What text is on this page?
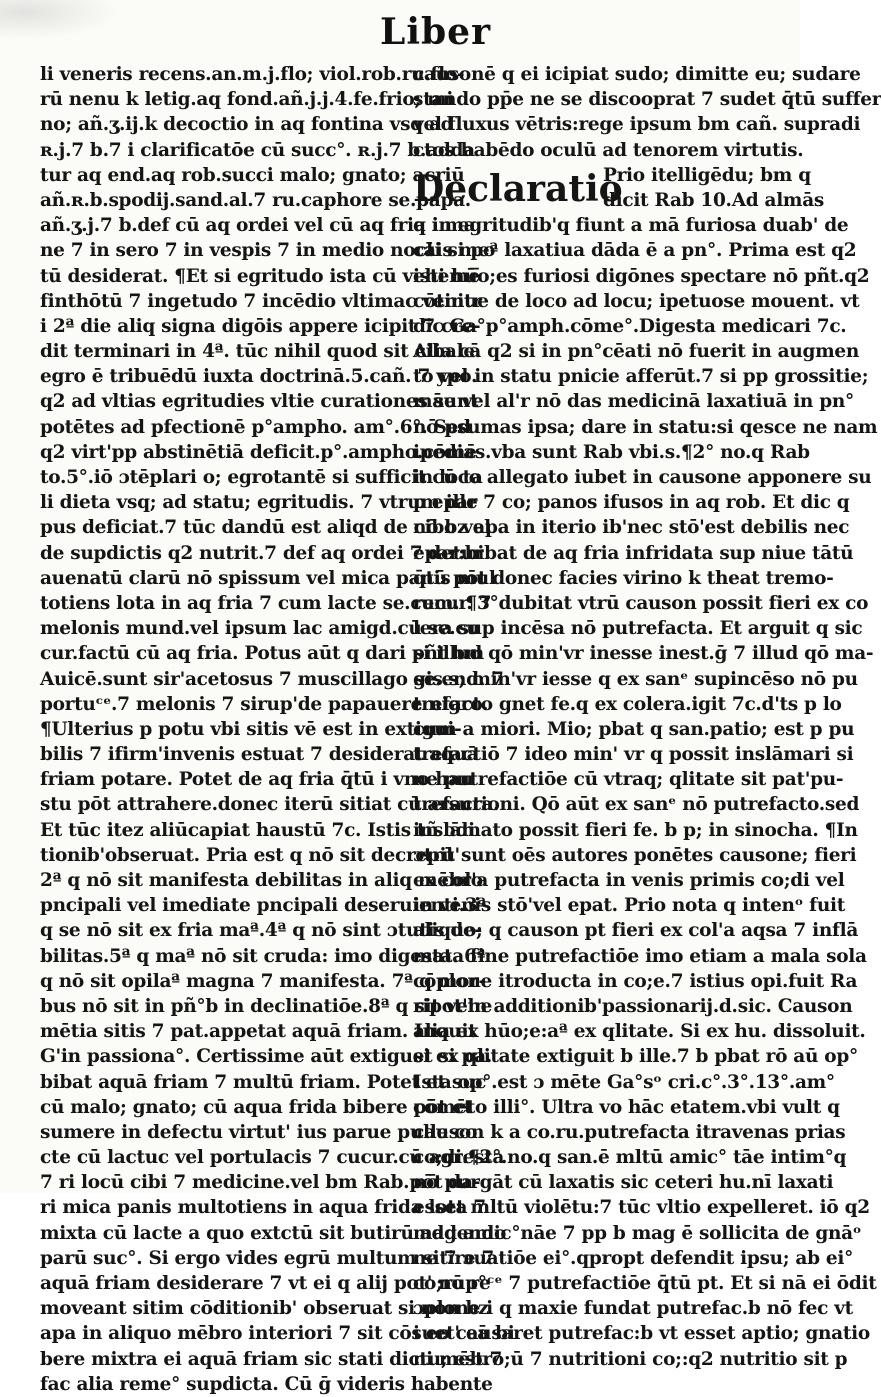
Liber
li veneris recens.an.m.j.flo; viol.rob.ru.flo-
rū nenu k letig.aq fond.añ.j.j.4.fe.frio; mi
no; añ.ʒ.ij.k decoctio in aq fontina vsq ad
ʀ.j.7 b.7 i clarificatōe cū succ°. ʀ.j.7 b.adda
tur aq end.aq rob.succi malo; gnato; acriū
añ.ʀ.b.spodij.sand.al.7 ru.caphore se.papa.
añ.ʒ.j.7 b.def cū aq ordei vel cū aq fria i ma
ne 7 in sero 7 in vespis 7 in medio nocti si po
tū desiderat. ¶Et si egritudo ista cū veheme̅
finthōtū 7 ingetudo 7 incēdio vltimac venitr
i 2ª die aliq signa digōis appere icipit 7 cre-
dit terminari in 4ª. tūc nihil quod sit cibale.
egro ē tribuēdū iuxta doctrinā.5.cañ. 7 ypo.
q2 ad vltias egritudies vltie curationes sunt
potētes ad pfectionē p°ampho. am°.6°. Sed
q2 virt'pp abstinētiā deficit.p°.ampho.cōmē
to.5°.iō ɔtēplari o; egrotantē si sufficit cū ta
li dieta vsq; ad statu; egritudis. 7 vtrum ille
pus deficiat.7 tūc dandū est aliqd de cibo vel
de supdictis q2 nutrit.7 def aq ordei 7 detur
auenatū clarū nō spissum vel mica panis mul
totiens lota in aq fria 7 cum lacte se.cucur. 7
melonis mund.vel ipsum lac amigd.cū se.cu
cur.factū cū aq fria. Potus aūt q dari pñt bm
Auicē.sunt sir'acetosus 7 muscillago se.end. 7
portuᶜᵉ.7 melonis 7 sirup'de papauere nigro.
¶Ulterius p potu vbi sitis vē est in extigui-
bilis 7 ifirm'invenis estuat 7 desiderat aquā
friam potare. Potet de aq fria q̄tū i vno hau
stu pōt attrahere.donec iterū sitiat cū arsura.
Et tūc itez aliūcapiat haustū 7c. Istis tñ ɔdi
tionib'obseruat. Pria est q nō sit decrepit'
2ª q nō sit manifesta debilitas in aliq mēbro
pncipali vel imediate pncipali deseruienti.3ª
q se nō sit ex fria maª.4ª q nō sint ɔtutis de-
bilitas.5ª q maª nō sit cruda: imo digesta. 6ª
q nō sit opilaª magna 7 manifesta. 7ª q mor-
bus nō sit in pñ°b in declinatiōe.8ª q sit vehe
mētia sitis 7 pat.appetat aquā friam. Inquit
G'in passiona°. Certissime aūt extiguet si pa.
bibat aquā friam 7 multū friam. Potet et suc
cū malo; gnato; cū aqua frida bibere pōt et
sumere in defectu virtut' ius parue pulle co
cte cū lactuc vel portulacis 7 cucur.cū agresta
7 ri locū cibi 7 medicine.vel bm Rab.pōt da-
ri mica panis multotiens in aqua frida lota 7
mixta cū lacte a quo extctū sit butirū addendo
parū suc°. Si ergo vides egrū multum sitire 7
aquā friam desiderare 7 vt ei q alij pot' nō re
moveant sitim cōditionib' obseruat si non bz
apa in aliquo mēbro interiori 7 sit cōsuet' eā bi
bere mixtra ei aquā friam sic stati dictu; est.7
fac alia reme° supdicta. Cū ḡ videris habente
causonē q ei icipiat sudo; dimitte eu; sudare
stando pp̄e ne se discooprat 7 sudet q̄tū suffer
vel fluxus vētris:rege ipsum bm cañ. supradi
ctos habēdo oculū ad tenorem virtutis.
Declaratio
Prio itelligēdu; bm q
dicit Rab 10.Ad almās
q in egritudib'q fiunt a mā furiosa duab' de
cāis meª laxatiua dāda ē a pn°. Prima est q2
isti hūo;es furiosi digōnes spectare nō pñt.q2
cōtinue de loco ad locu; ipetuose mouent. vt
dic Ga°p°amph.cōme°.Digesta medicari 7c.
Alia cā q2 si in pn°cēati nō fuerit in augmen
to vel in statu pnicie afferūt.7 si pp grossitie;
māe vel al'r nō das medicinā laxatiuā in pn°
nō psumas ipsa; dare in statu:si qesce ne nam
ipedias.vba sunt Rab vbi.s.¶2° no.q Rab
in loco allegato iubet in causone apponere su
p epar 7 co; panos ifusos in aq rob. Et dic q
nō bz apa in iterio ib'nec stō'est debilis nec
epar:bibat de aq fria infridata sup niue tātū
q̄tū pōt donec facies virino k theat tremo-
rem. ¶3°dubitat vtrū causon possit fieri ex co
lera sup incēsa nō putrefacta. Et arguit q sic
si illud qō min'vr inesse inest.ḡ 7 illud qō ma-
gis.s; min'vr iesse q ex sanᵉ supincēso nō pu
trefacto gnet fe.q ex colera.igit 7c.d'ts p lo
cum a miori. Mio; pbat q san.patio; est p pu
trefactiō 7 ideo min' vr q possit inslāmari si
ne putrefactiōe cū vtraq; qlitate sit pat'pu-
trefactioni. Qō aūt ex sanᵉ nō putrefacto.sed
inslāmato possit fieri fe. b p; in sinocha. ¶In
ɔtrū sunt oēs autores ponētes causone; fieri
ex col'a putrefacta in venis primis co;di vel
in venis stō'vel epat. Prio nota q intenᵒ fuit
aliquo; q causon pt fieri ex col'a aqsa 7 inflā
mata fine putrefactiōe imo etiam a mala sola
cōplone itroducta in co;e.7 istius opi.fuit Ra
ripot'in additionib'passionarij.d.sic. Causon
alia ex hūo;e:aª ex qlitate. Si ex hu. dissoluit.
si ex qlitate extiguit b ille.7 b pbat rō aū op°
Ista op°.est ɔ mēte Ga°sᵒ cri.c°.3°.13°.am°
cōmēto illi°. Ultra vo hāc etatem.vbi vult q
causon k a co.ru.putrefacta itravenas prias
co;di.¶2°.no.q san.ē mltū amic° tāe intim°q
nō purgāt cū laxatis sic ceteri hu.nī laxati
esset mltū violētu:7 tūc vltio expelleret. iō q2
mag amic°nāe 7 pp b mag ē sollicita de gnāᵒ
ne 7 ɔuatiōe ei°.qpropt defendit ipsu; ab ei°
co;rup°ᶜᵉ 7 putrefactiōe q̄tū pt. Et si nā ei ōdit
ɔplone i q maxie fundat putrefac.b nō fec vt
i eo causaret putrefac:b vt esset aptio; gnatio
ni mēbro;ū 7 nutritioni co;:q2 nutritio sit p
